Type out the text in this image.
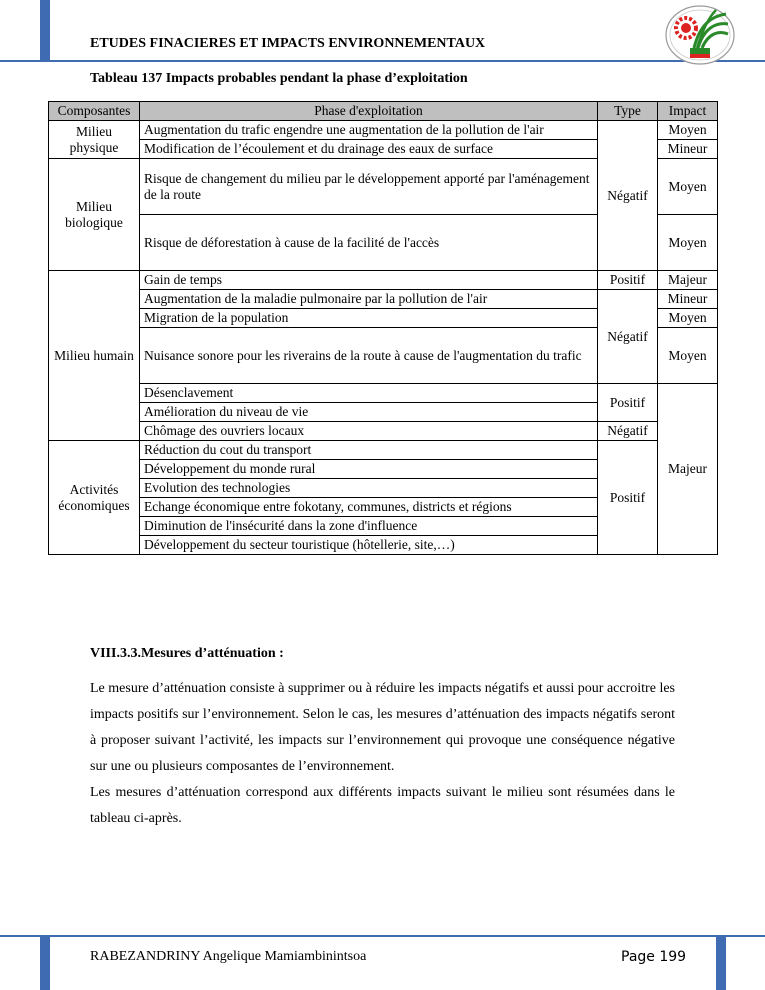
ETUDES FINACIERES ET IMPACTS ENVIRONNEMENTAUX
Tableau 137 Impacts probables pendant la phase d’exploitation
Composantes	Phase d'exploitation	Type	Impact
Milieu physique	Augmentation du trafic engendre une augmentation de la pollution de l'air	Négatif	Moyen
	Modification de l’écoulement et du drainage des eaux de surface		Mineur
Milieu biologique	Risque de changement du milieu par le développement apporté par l'aménagement de la route		Moyen
	Risque de déforestation à cause de la facilité de l'accès		Moyen
Milieu humain	Gain de temps	Positif	Majeur
	Augmentation de la maladie pulmonaire par la pollution de l'air	Négatif	Mineur
	Migration de la population		Moyen
	Nuisance sonore pour les riverains de la route à cause de l'augmentation du trafic		Moyen
	Désenclavement	Positif	Majeur
	Amélioration du niveau de vie		
	Chômage des ouvriers locaux	Négatif	
Activités économiques	Réduction du cout du transport	Positif	
	Développement du monde rural		
	Evolution des technologies		
	Echange économique entre fokotany, communes, districts et régions		
	Diminution de l'insécurité dans la zone d'influence		
	Développement du secteur touristique (hôtellerie, site,…)		
VIII.3.3.Mesures d’atténuation :
Le mesure d’atténuation consiste à supprimer ou à réduire les impacts négatifs et aussi pour accroitre les impacts positifs sur l’environnement. Selon le cas, les mesures d’atténuation des impacts négatifs seront à proposer suivant l’activité, les impacts sur l’environnement qui provoque une conséquence négative sur une ou plusieurs composantes de l’environnement.
Les mesures d’atténuation correspond aux différents impacts suivant le milieu sont résumées dans le tableau ci-après.
RABEZANDRINY Angelique Mamiambinintsoa	Page 199
